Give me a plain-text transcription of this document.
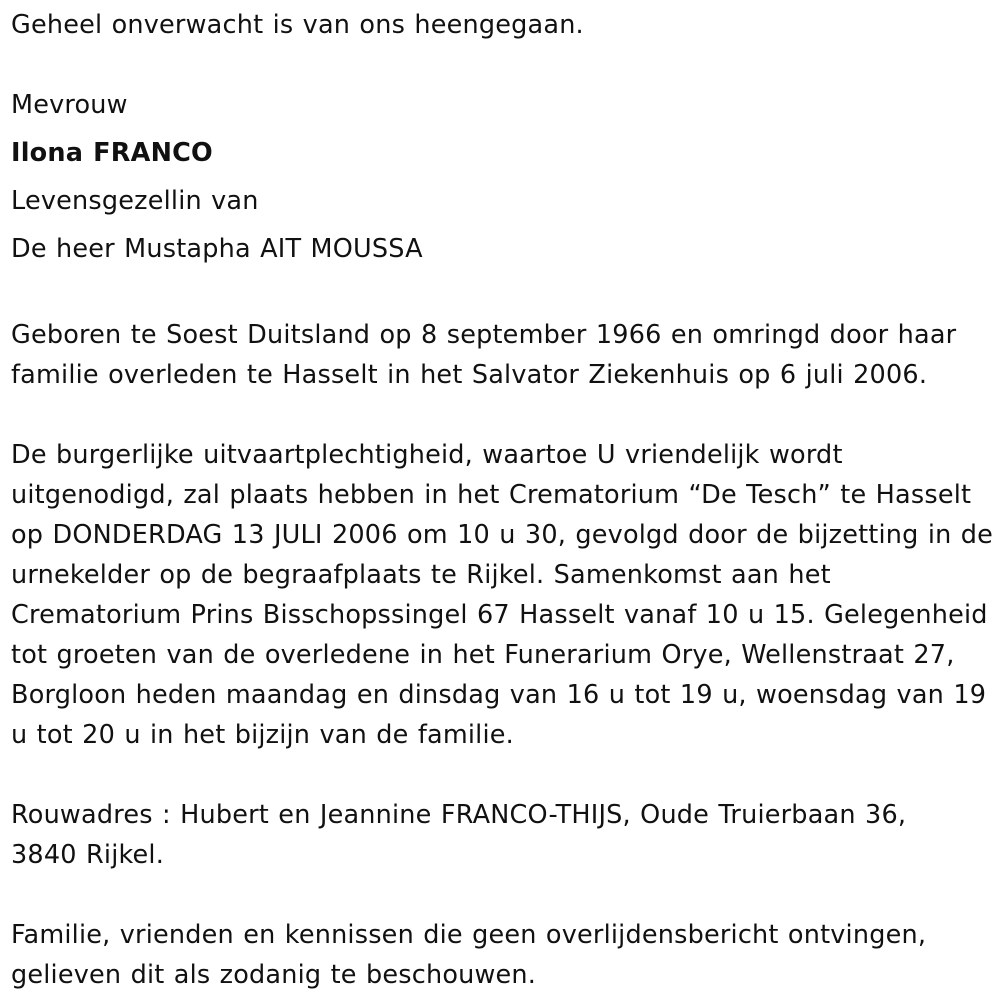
Geheel onverwacht is van ons heengegaan.
Mevrouw
Ilona FRANCO
Levensgezellin van
De heer Mustapha AIT MOUSSA
Geboren te Soest Duitsland op 8 september 1966 en omringd door haar
familie overleden te Hasselt in het Salvator Ziekenhuis op 6 juli 2006.
De burgerlijke uitvaartplechtigheid, waartoe U vriendelijk wordt
uitgenodigd, zal plaats hebben in het Crematorium “De Tesch” te Hasselt
op DONDERDAG 13 JULI 2006 om 10 u 30, gevolgd door de bijzetting in de
urnekelder op de begraafplaats te Rijkel. Samenkomst aan het
Crematorium Prins Bisschopssingel 67 Hasselt vanaf 10 u 15. Gelegenheid
tot groeten van de overledene in het Funerarium Orye, Wellenstraat 27,
Borgloon heden maandag en dinsdag van 16 u tot 19 u, woensdag van 19
u tot 20 u in het bijzijn van de familie.
Rouwadres : Hubert en Jeannine FRANCO-THIJS, Oude Truierbaan 36,
3840 Rijkel.
Familie, vrienden en kennissen die geen overlijdensbericht ontvingen,
gelieven dit als zodanig te beschouwen.
